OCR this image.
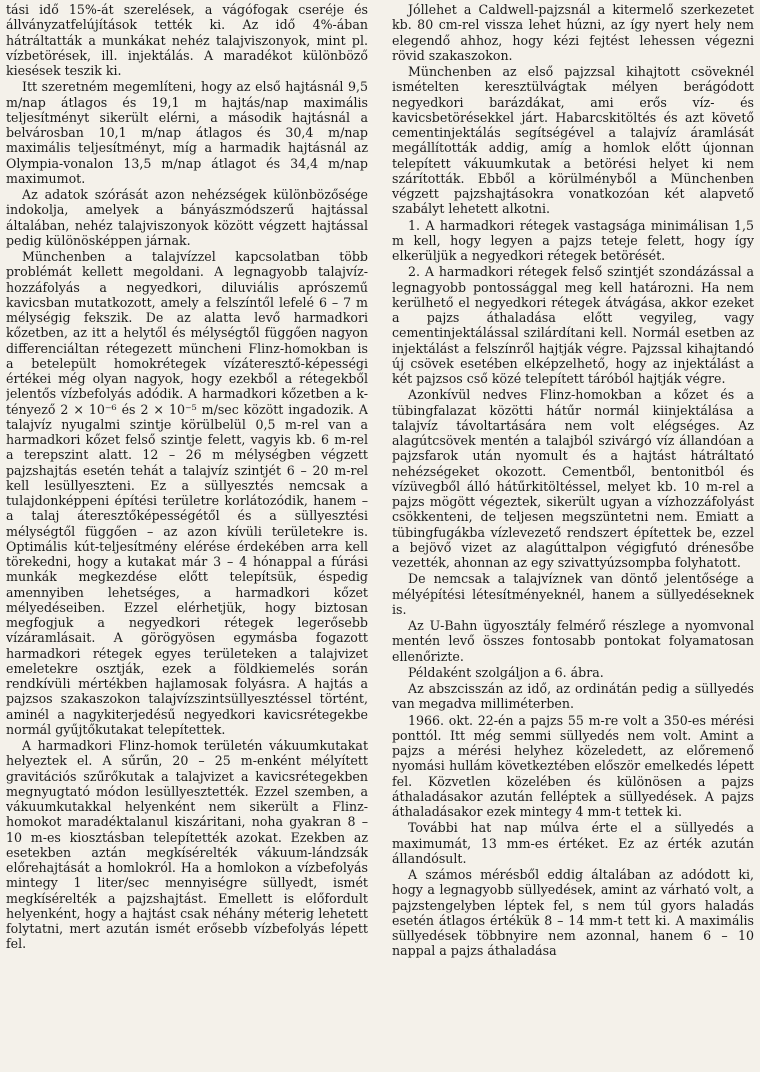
tási idő 15%-át szerelések, a vágófogak cseréje és állványzatfelújítások tették ki. Az idő 4%-ában hátráltatták a munkákat nehéz talajviszonyok, mint pl. vízbetörések, ill. injektálás. A maradékot különböző kiesések teszik ki.

Itt szeretném megemlíteni, hogy az első hajtásnál 9,5 m/nap átlagos és 19,1 m hajtás/nap maximális teljesítményt sikerült elérni, a második hajtásnál a belvárosban 10,1 m/nap átlagos és 30,4 m/nap maximális teljesítményt, míg a harmadik hajtásnál az Olympia-vonalon 13,5 m/nap átlagot és 34,4 m/nap maximumot.

Az adatok szórását azon nehézségek különbözősége indokolja, amelyek a bányászmódszerű hajtással általában, nehéz talajviszonyok között végzett hajtással pedig különösképpen járnak.

Münchenben a talajvízzel kapcsolatban több problémát kellett megoldani. A legnagyobb talajvíz-hozzáfolyás a negyedkori, diluviális aprószemű kavicsban mutatkozott, amely a felszíntől lefelé 6 – 7 m mélységig fekszik. De az alatta levő harmadkori kőzetben, az itt a helytől és mélységtől függően nagyon differenciáltan rétegezett müncheni Flinz-homokban is a betelepült homokrétegek vízáteresztő-képességi értékei még olyan nagyok, hogy ezekből a rétegekből jelentős vízbefolyás adódik. A harmadkori kőzetben a k-tényező 2 × 10⁻⁶ és 2 × 10⁻⁵ m/sec között ingadozik. A talajvíz nyugalmi szintje körülbelül 0,5 m-rel van a harmadkori kőzet felső szintje felett, vagyis kb. 6 m-rel a terepszint alatt. 12 – 26 m mélységben végzett pajzshajtás esetén tehát a talajvíz szintjét 6 – 20 m-rel kell lesüllyeszteni. Ez a süllyesztés nemcsak a tulajdonképpeni építési területre korlátozódik, hanem – a talaj áteresztőképességétől és a süllyesztési mélységtől függően – az azon kívüli területekre is. Optimális kút-teljesítmény elérése érdekében arra kell törekedni, hogy a kutakat már 3 – 4 hónappal a fúrási munkák megkezdése előtt telepítsük, éspedig amennyiben lehetséges, a harmadkori kőzet mélyedéseiben. Ezzel elérhetjük, hogy biztosan megfogjuk a negyedkori rétegek legerősebb vízáramlásait. A görögyösen egymásba fogazott harmadkori rétegek egyes területeken a talajvizet emeletekre osztják, ezek a földkiemelés során rendkívüli mértékben hajlamosak folyásra. A hajtás a pajzsos szakaszokon talajvízszintsüllyesztéssel történt, aminél a nagykiterjedésű negyedkori kavicsrétegekbe normál gyűjtőkutakat telepítettek.

A harmadkori Flinz-homok területén vákuumkutakat helyeztek el. A sűrűn, 20 – 25 m-enként mélyített gravitációs szűrőkutak a talajvizet a kavicsrétegekben megnyugtató módon lesüllyesztették. Ezzel szemben, a vákuumkutakkal helyenként nem sikerült a Flinz-homokot maradéktalanul kiszáritani, noha gyakran 8 – 10 m-es kiosztásban telepítették azokat. Ezekben az esetekben aztán megkísérelték vákuum-lándzsák előrehajtását a homlokról. Ha a homlokon a vízbefolyás mintegy 1 liter/sec mennyiségre süllyedt, ismét megkísérelték a pajzshajtást. Emellett is előfordult helyenként, hogy a hajtást csak néhány méterig lehetett folytatni, mert azután ismét erősebb vízbefolyás lépett fel.

Jóllehet a Caldwell-pajzsnál a kitermelő szerkezetet kb. 80 cm-rel vissza lehet húzni, az így nyert hely nem elegendő ahhoz, hogy kézi fejtést lehessen végezni rövid szakaszokon.

Münchenben az első pajzzsal kihajtott csöveknél ismételten keresztülvágtak mélyen berágódott negyedkori barázdákat, ami erős víz- és kavicsbetörésekkel járt. Habarcskitöltés és azt követő cementinjektálás segítségével a talajvíz áramlását megállították addig, amíg a homlok előtt újonnan telepített vákuumkutak a betörési helyet ki nem szárították. Ebből a körülményből a Münchenben végzett pajzshajtásokra vonatkozóan két alapvető szabályt lehetett alkotni.

1. A harmadkori rétegek vastagsága minimálisan 1,5 m kell, hogy legyen a pajzs teteje felett, hogy így elkerüljük a negyedkori rétegek betörését.

2. A harmadkori rétegek felső szintjét szondázással a legnagyobb pontossággal meg kell határozni. Ha nem kerülhető el negyedkori rétegek átvágása, akkor ezeket a pajzs áthaladása előtt vegyileg, vagy cementinjektálással szilárdítani kell. Normál esetben az injektálást a felszínről hajtják végre. Pajzssal kihajtandó új csövek esetében elképzelhető, hogy az injektálást a két pajzsos cső közé telepített táróból hajtják végre.

Azonkívül nedves Flinz-homokban a kőzet és a tübingfalazat közötti hátűr normál kiinjektálása a talajvíz távoltartására nem volt elégséges. Az alagútcsövek mentén a talajból szivárgó víz állandóan a pajzsfarok után nyomult és a hajtást hátráltató nehézségeket okozott. Cementből, bentonitból és vízüvegből álló hátűrkitöltéssel, melyet kb. 10 m-rel a pajzs mögött végeztek, sikerült ugyan a vízhozzáfolyást csökkenteni, de teljesen megszüntetni nem. Emiatt a tübingfugákba vízlevezető rendszert építettek be, ezzel a bejövő vizet az alagúttalpon végigfutó drénesőbe vezették, ahonnan az egy szivattyúzsompba folyhatott.

De nemcsak a talajvíznek van döntő jelentősége a mélyépítési létesítményeknél, hanem a süllyedéseknek is.

Az U-Bahn ügyosztály felmérő részlege a nyomvonal mentén levő összes fontosabb pontokat folyamatosan ellenőrizte.

Példaként szolgáljon a 6. ábra.

Az abszcisszán az idő, az ordinátán pedig a süllyedés van megadva milliméterben.

1966. okt. 22-én a pajzs 55 m-re volt a 350-es mérési ponttól. Itt még semmi süllyedés nem volt. Amint a pajzs a mérési helyhez közeledett, az előremenő nyomási hullám következtében először emelkedés lépett fel. Közvetlen közelében és különösen a pajzs áthaladásakor azután felléptek a süllyedések. A pajzs áthaladásakor ezek mintegy 4 mm-t tettek ki.

További hat nap múlva érte el a süllyedés a maximumát, 13 mm-es értéket. Ez az érték azután állandósult.

A számos mérésből eddig általában az adódott ki, hogy a legnagyobb süllyedések, amint az várható volt, a pajzstengelyben léptek fel, s nem túl gyors haladás esetén átlagos értékük 8 – 14 mm-t tett ki. A maximális süllyedések többnyire nem azonnal, hanem 6 – 10 nappal a pajzs áthaladása
